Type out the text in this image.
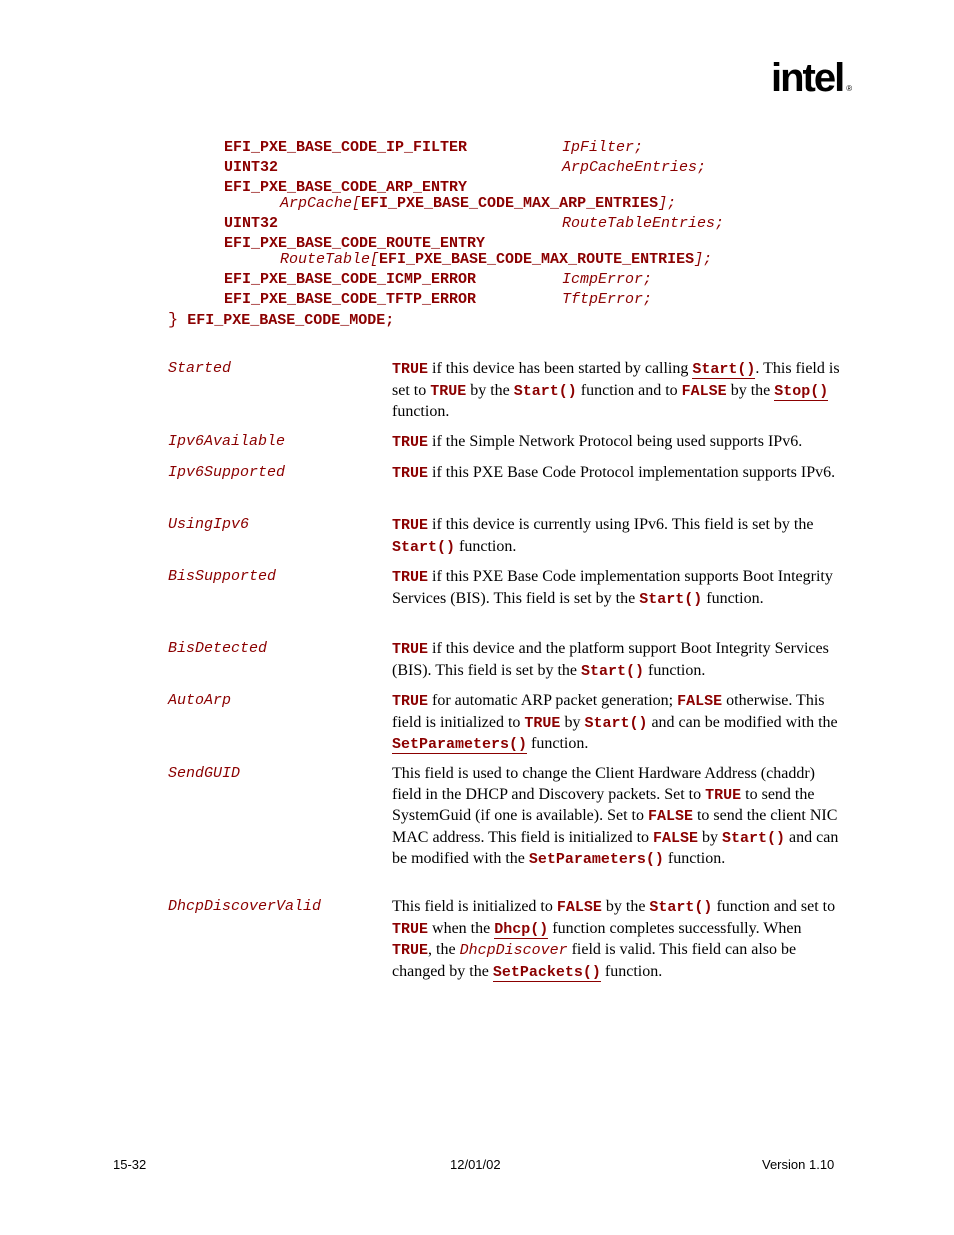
intel ®
EFI_PXE_BASE_CODE_IP_FILTER	IpFilter;
UINT32	ArpCacheEntries;
EFI_PXE_BASE_CODE_ARP_ENTRY
ArpCache[EFI_PXE_BASE_CODE_MAX_ARP_ENTRIES];
UINT32	RouteTableEntries;
EFI_PXE_BASE_CODE_ROUTE_ENTRY
RouteTable[EFI_PXE_BASE_CODE_MAX_ROUTE_ENTRIES];
EFI_PXE_BASE_CODE_ICMP_ERROR	IcmpError;
EFI_PXE_BASE_CODE_TFTP_ERROR	TftpError;
} EFI_PXE_BASE_CODE_MODE;
Started	TRUE if this device has been started by calling Start(). This field is set to TRUE by the Start() function and to FALSE by the Stop() function.
Ipv6Available	TRUE if the Simple Network Protocol being used supports IPv6.
Ipv6Supported	TRUE if this PXE Base Code Protocol implementation supports IPv6.
UsingIpv6	TRUE if this device is currently using IPv6. This field is set by the Start() function.
BisSupported	TRUE if this PXE Base Code implementation supports Boot Integrity Services (BIS). This field is set by the Start() function.
BisDetected	TRUE if this device and the platform support Boot Integrity Services (BIS). This field is set by the Start() function.
AutoArp	TRUE for automatic ARP packet generation; FALSE otherwise. This field is initialized to TRUE by Start() and can be modified with the SetParameters() function.
SendGUID	This field is used to change the Client Hardware Address (chaddr) field in the DHCP and Discovery packets. Set to TRUE to send the SystemGuid (if one is available). Set to FALSE to send the client NIC MAC address. This field is initialized to FALSE by Start() and can be modified with the SetParameters() function.
DhcpDiscoverValid	This field is initialized to FALSE by the Start() function and set to TRUE when the Dhcp() function completes successfully. When TRUE, the DhcpDiscover field is valid. This field can also be changed by the SetPackets() function.
15-32	12/01/02	Version 1.10
